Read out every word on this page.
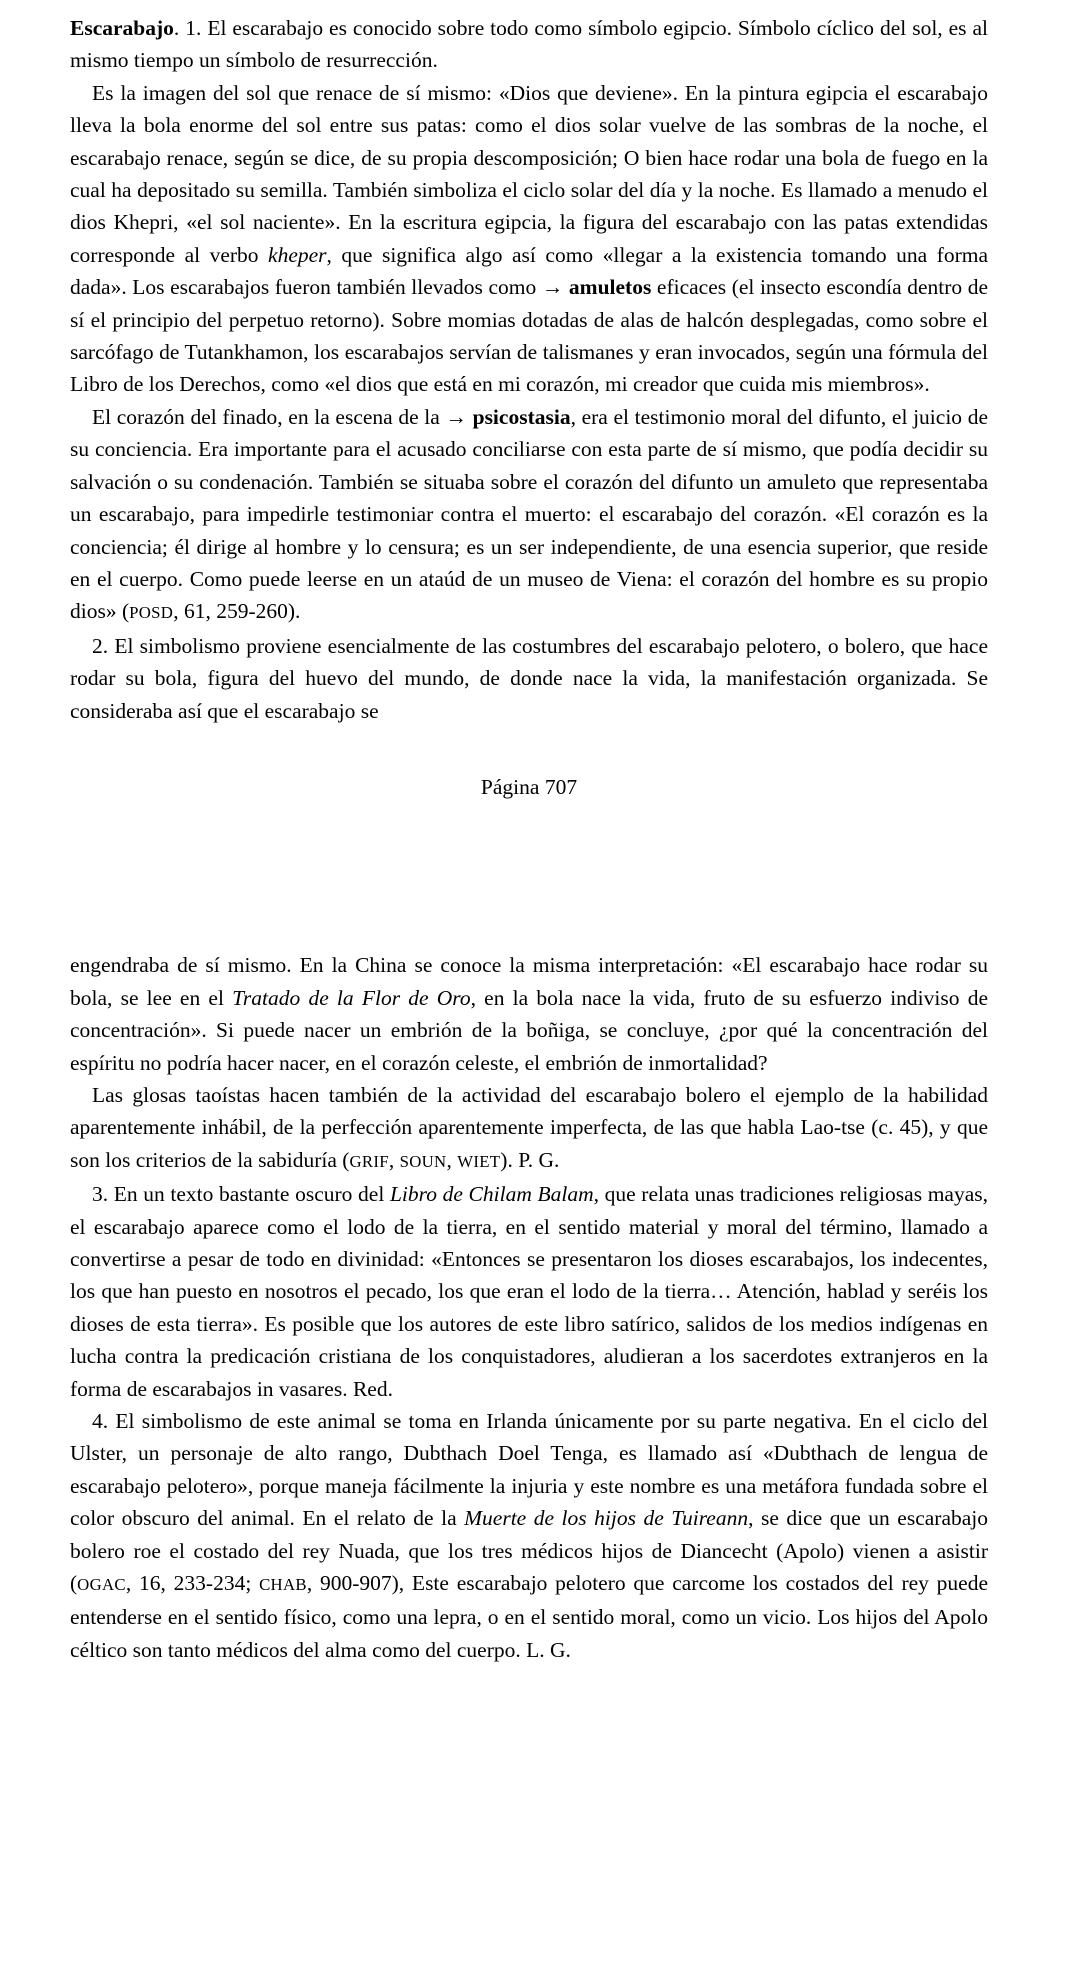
Escarabajo. 1. El escarabajo es conocido sobre todo como símbolo egipcio. Símbolo cíclico del sol, es al mismo tiempo un símbolo de resurrección.

Es la imagen del sol que renace de sí mismo: «Dios que deviene». En la pintura egipcia el escarabajo lleva la bola enorme del sol entre sus patas: como el dios solar vuelve de las sombras de la noche, el escarabajo renace, según se dice, de su propia descomposición; O bien hace rodar una bola de fuego en la cual ha depositado su semilla. También simboliza el ciclo solar del día y la noche. Es llamado a menudo el dios Khepri, «el sol naciente». En la escritura egipcia, la figura del escarabajo con las patas extendidas corresponde al verbo kheper, que significa algo así como «llegar a la existencia tomando una forma dada». Los escarabajos fueron también llevados como → amuletos eficaces (el insecto escondía dentro de sí el principio del perpetuo retorno). Sobre momias dotadas de alas de halcón desplegadas, como sobre el sarcófago de Tutankhamon, los escarabajos servían de talismanes y eran invocados, según una fórmula del Libro de los Derechos, como «el dios que está en mi corazón, mi creador que cuida mis miembros».

El corazón del finado, en la escena de la → psicostasia, era el testimonio moral del difunto, el juicio de su conciencia. Era importante para el acusado conciliarse con esta parte de sí mismo, que podía decidir su salvación o su condenación. También se situaba sobre el corazón del difunto un amuleto que representaba un escarabajo, para impedirle testimoniar contra el muerto: el escarabajo del corazón. «El corazón es la conciencia; él dirige al hombre y lo censura; es un ser independiente, de una esencia superior, que reside en el cuerpo. Como puede leerse en un ataúd de un museo de Viena: el corazón del hombre es su propio dios» (POSD, 61, 259-260).

2. El simbolismo proviene esencialmente de las costumbres del escarabajo pelotero, o bolero, que hace rodar su bola, figura del huevo del mundo, de donde nace la vida, la manifestación organizada. Se consideraba así que el escarabajo se

Página 707

engendraba de sí mismo. En la China se conoce la misma interpretación: «El escarabajo hace rodar su bola, se lee en el Tratado de la Flor de Oro, en la bola nace la vida, fruto de su esfuerzo indiviso de concentración». Si puede nacer un embrión de la boñiga, se concluye, ¿por qué la concentración del espíritu no podría hacer nacer, en el corazón celeste, el embrión de inmortalidad?

Las glosas taoístas hacen también de la actividad del escarabajo bolero el ejemplo de la habilidad aparentemente inhábil, de la perfección aparentemente imperfecta, de las que habla Lao-tse (c. 45), y que son los criterios de la sabiduría (GRIF, SOUN, WIET). P. G.

3. En un texto bastante oscuro del Libro de Chilam Balam, que relata unas tradiciones religiosas mayas, el escarabajo aparece como el lodo de la tierra, en el sentido material y moral del término, llamado a convertirse a pesar de todo en divinidad: «Entonces se presentaron los dioses escarabajos, los indecentes, los que han puesto en nosotros el pecado, los que eran el lodo de la tierra… Atención, hablad y seréis los dioses de esta tierra». Es posible que los autores de este libro satírico, salidos de los medios indígenas en lucha contra la predicación cristiana de los conquistadores, aludieran a los sacerdotes extranjeros en la forma de escarabajos in vasares. Red.

4. El simbolismo de este animal se toma en Irlanda únicamente por su parte negativa. En el ciclo del Ulster, un personaje de alto rango, Dubthach Doel Tenga, es llamado así «Dubthach de lengua de escarabajo pelotero», porque maneja fácilmente la injuria y este nombre es una metáfora fundada sobre el color obscuro del animal. En el relato de la Muerte de los hijos de Tuireann, se dice que un escarabajo bolero roe el costado del rey Nuada, que los tres médicos hijos de Diancecht (Apolo) vienen a asistir (OGAC, 16, 233-234; CHAB, 900-907), Este escarabajo pelotero que carcome los costados del rey puede entenderse en el sentido físico, como una lepra, o en el sentido moral, como un vicio. Los hijos del Apolo céltico son tanto médicos del alma como del cuerpo. L. G.
